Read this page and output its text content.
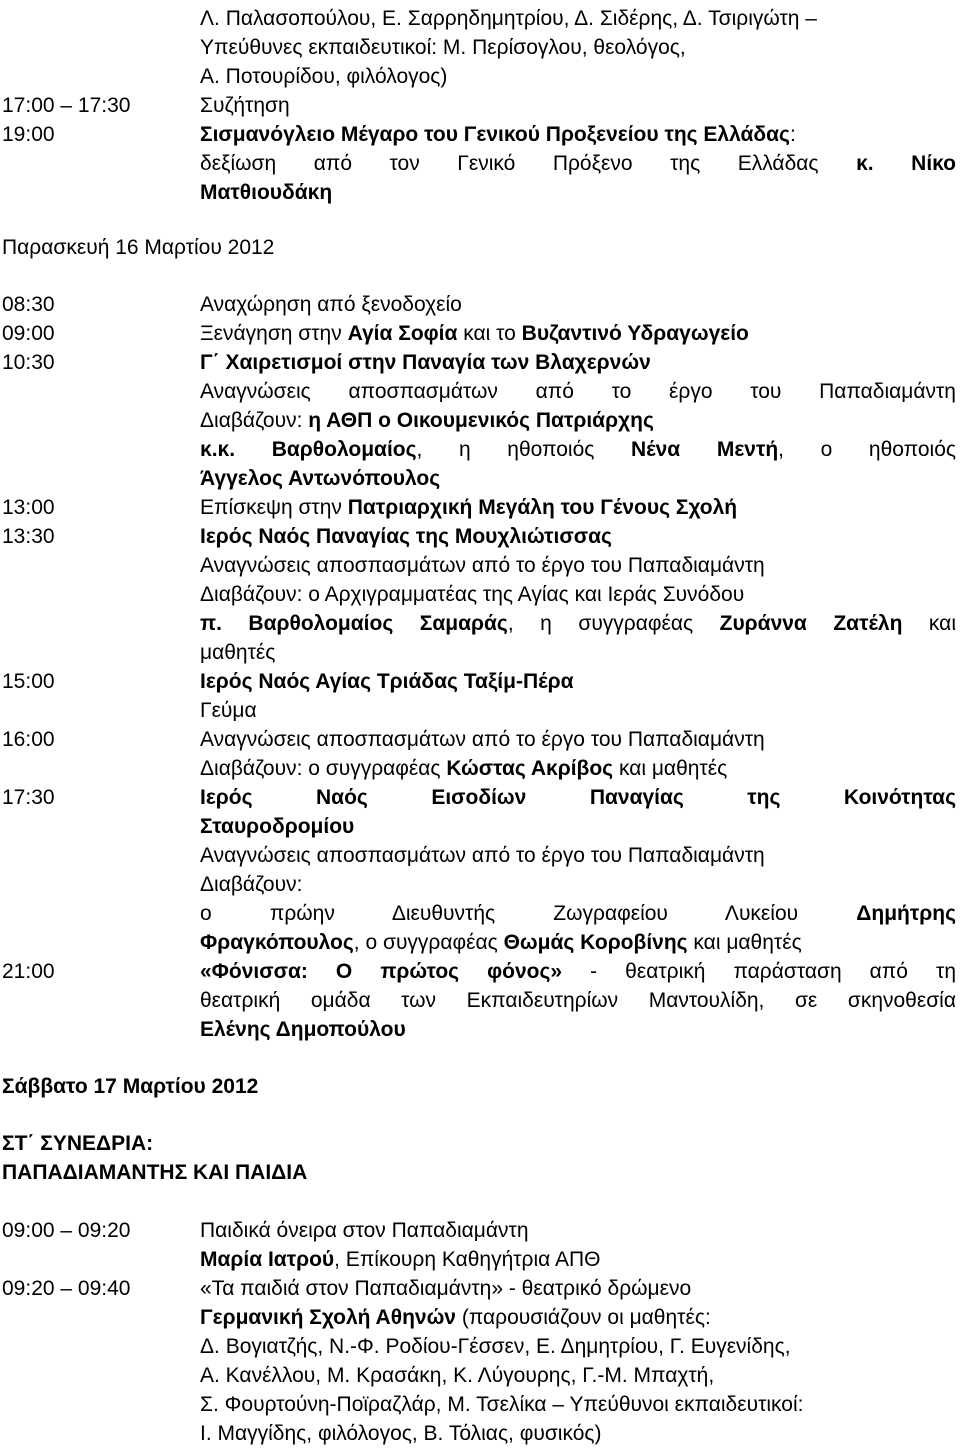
Λ. Παλασοπούλου, Ε. Σαρρηδημητρίου, Δ. Σιδέρης, Δ. Τσιριγώτη –
Υπεύθυνες εκπαιδευτικοί: Μ. Περίσογλου, θεολόγος,
Α. Ποτουρίδου, φιλόλογος)
17:00 – 17:30	Συζήτηση
19:00	Σισμανόγλειο Μέγαρο του Γενικού Προξενείου της Ελλάδας:
δεξίωση από τον Γενικό Πρόξενο της Ελλάδας κ. Νίκο
Ματθιουδάκη
Παρασκευή 16 Μαρτίου 2012
08:30	Αναχώρηση από ξενοδοχείο
09:00	Ξενάγηση στην Αγία Σοφία και το Βυζαντινό Υδραγωγείο
10:30	Γ΄ Χαιρετισμοί στην Παναγία των Βλαχερνών
Αναγνώσεις αποσπασμάτων από το έργο του Παπαδιαμάντη
Διαβάζουν: η ΑΘΠ ο Οικουμενικός Πατριάρχης
κ.κ. Βαρθολομαίος, η ηθοποιός Νένα Μεντή, ο ηθοποιός
Άγγελος Αντωνόπουλος
13:00	Επίσκεψη στην Πατριαρχική Μεγάλη του Γένους Σχολή
13:30	Ιερός Ναός Παναγίας της Μουχλιώτισσας
Αναγνώσεις αποσπασμάτων από το έργο του Παπαδιαμάντη
Διαβάζουν: ο Αρχιγραμματέας της Αγίας και Ιεράς Συνόδου
π. Βαρθολομαίος Σαμαράς, η συγγραφέας Ζυράννα Ζατέλη και
μαθητές
15:00	Ιερός Ναός Αγίας Τριάδας Ταξίμ-Πέρα
Γεύμα
16:00	Αναγνώσεις αποσπασμάτων από το έργο του Παπαδιαμάντη
Διαβάζουν: ο συγγραφέας Κώστας Ακρίβος και μαθητές
17:30	Ιερός Ναός Εισοδίων Παναγίας της Κοινότητας
Σταυροδρομίου
Αναγνώσεις αποσπασμάτων από το έργο του Παπαδιαμάντη
Διαβάζουν:
ο πρώην Διευθυντής Ζωγραφείου Λυκείου Δημήτρης
Φραγκόπουλος, ο συγγραφέας Θωμάς Κοροβίνης και μαθητές
21:00	«Φόνισσα: Ο πρώτος φόνος» - θεατρική παράσταση από τη
θεατρική ομάδα των Εκπαιδευτηρίων Μαντουλίδη, σε σκηνοθεσία
Ελένης Δημοπούλου
Σάββατο 17 Μαρτίου 2012
ΣΤ΄ ΣΥΝΕΔΡΙΑ:
ΠΑΠΑΔΙΑΜΑΝΤΗΣ ΚΑΙ ΠΑΙΔΙΑ
09:00 – 09:20	Παιδικά όνειρα στον Παπαδιαμάντη
Μαρία Ιατρού, Επίκουρη Καθηγήτρια ΑΠΘ
09:20 – 09:40	«Τα παιδιά στον Παπαδιαμάντη» - θεατρικό δρώμενο
Γερμανική Σχολή Αθηνών (παρουσιάζουν οι μαθητές:
Δ. Βογιατζής, Ν.-Φ. Ροδίου-Γέσσεν, Ε. Δημητρίου, Γ. Ευγενίδης,
Α. Κανέλλου, Μ. Κρασάκη, Κ. Λύγουρης, Γ.-Μ. Μπαχτή,
Σ. Φουρτούνη-Ποϊραζλάρ, Μ. Τσελίκα – Υπεύθυνοι εκπαιδευτικοί:
Ι. Μαγγίδης, φιλόλογος, Β. Τόλιας, φυσικός)
